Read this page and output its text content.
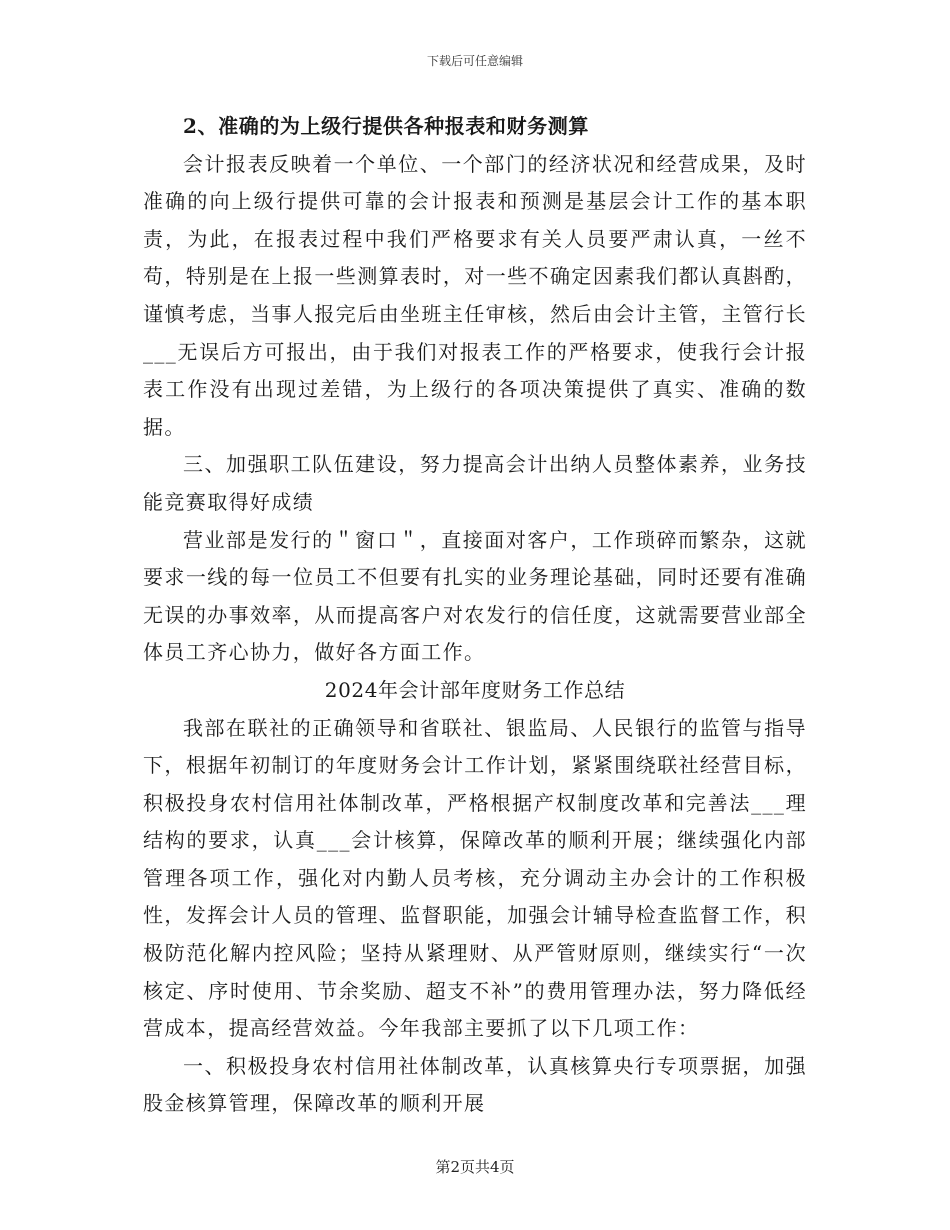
下载后可任意编辑

2、准确的为上级行提供各种报表和财务测算

会计报表反映着一个单位、一个部门的经济状况和经营成果，及时准确的向上级行提供可靠的会计报表和预测是基层会计工作的基本职责，为此，在报表过程中我们严格要求有关人员要严肃认真，一丝不苟，特别是在上报一些测算表时，对一些不确定因素我们都认真斟酌，谨慎考虑，当事人报完后由坐班主任审核，然后由会计主管，主管行长___无误后方可报出，由于我们对报表工作的严格要求，使我行会计报表工作没有出现过差错，为上级行的各项决策提供了真实、准确的数据。

三、加强职工队伍建设，努力提高会计出纳人员整体素养，业务技能竞赛取得好成绩

营业部是发行的＂窗口＂，直接面对客户，工作琐碎而繁杂，这就要求一线的每一位员工不但要有扎实的业务理论基础，同时还要有准确无误的办事效率，从而提高客户对农发行的信任度，这就需要营业部全体员工齐心协力，做好各方面工作。

2024年会计部年度财务工作总结

我部在联社的正确领导和省联社、银监局、人民银行的监管与指导下，根据年初制订的年度财务会计工作计划，紧紧围绕联社经营目标，积极投身农村信用社体制改革，严格根据产权制度改革和完善法___理结构的要求，认真___会计核算，保障改革的顺利开展；继续强化内部管理各项工作，强化对内勤人员考核，充分调动主办会计的工作积极性，发挥会计人员的管理、监督职能，加强会计辅导检查监督工作，积极防范化解内控风险；坚持从紧理财、从严管财原则，继续实行“一次核定、序时使用、节余奖励、超支不补”的费用管理办法，努力降低经营成本，提高经营效益。今年我部主要抓了以下几项工作：

一、积极投身农村信用社体制改革，认真核算央行专项票据，加强股金核算管理，保障改革的顺利开展

第2页共4页
